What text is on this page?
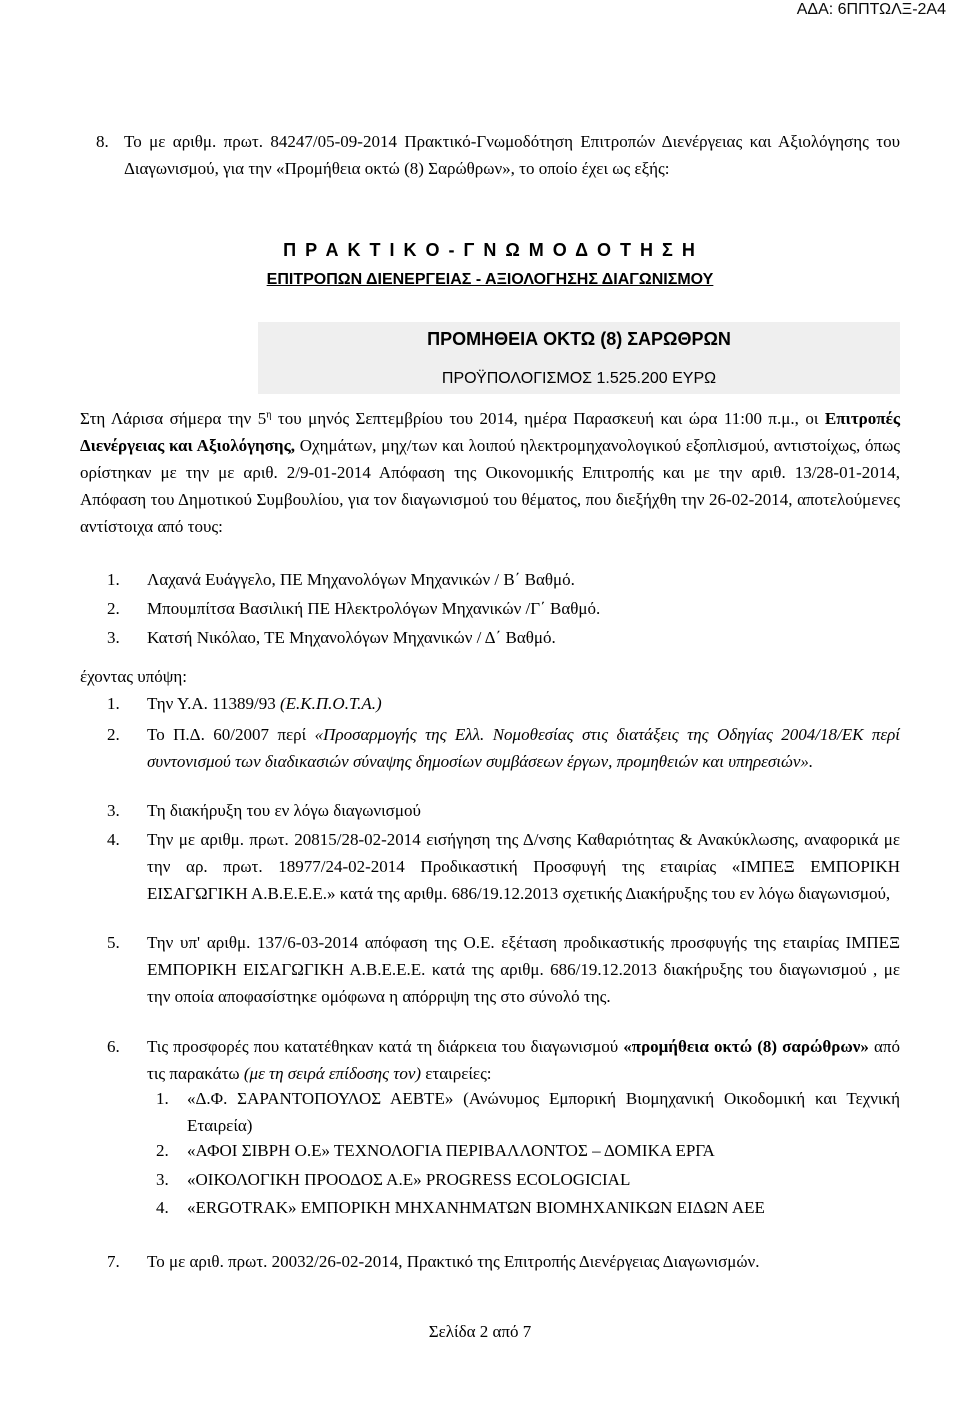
ΑΔΑ: 6ΠΠΤΩΛΞ-2Α4
8. Το με αριθμ. πρωτ. 84247/05-09-2014 Πρακτικό-Γνωμοδότηση Επιτροπών Διενέργειας και Αξιολόγησης του Διαγωνισμού, για την «Προμήθεια οκτώ (8) Σαρώθρων», το οποίο έχει ως εξής:
Π Ρ Α Κ Τ Ι Κ Ο - Γ Ν Ω Μ Ο Δ Ο Τ Η Σ Η
ΕΠΙΤΡΟΠΩΝ ΔΙΕΝΕΡΓΕΙΑΣ - ΑΞΙΟΛΟΓΗΣΗΣ ΔΙΑΓΩΝΙΣΜΟΥ
ΠΡΟΜΗΘΕΙΑ ΟΚΤΩ (8) ΣΑΡΩΘΡΩΝ
ΠΡΟΫΠΟΛΟΓΙΣΜΟΣ 1.525.200 ΕΥΡΩ
Στη Λάρισα σήμερα την $5^\eta$ του μηνός Σεπτεμβρίου του 2014, ημέρα Παρασκευή και ώρα 11:00 π.μ., οι Επιτροπές Διενέργειας και Αξιολόγησης, Οχημάτων, μηχ/των και λοιπού ηλεκτρομηχανολογικού εξοπλισμού, αντιστοίχως, όπως ορίστηκαν με την με αριθ. 2/9-01-2014 Απόφαση της Οικονομικής Επιτροπής και με την αριθ. 13/28-01-2014, Απόφαση του Δημοτικού Συμβουλίου, για τον διαγωνισμού του θέματος, που διεξήχθη την 26-02-2014, αποτελούμενες αντίστοιχα από τους:
1. Λαχανά Ευάγγελο, ΠΕ Μηχανολόγων Μηχανικών / Β΄ Βαθμό.
2. Μπουμπίτσα Βασιλική ΠΕ Ηλεκτρολόγων Μηχανικών /Γ΄ Βαθμό.
3. Κατσή Νικόλαο, ΤΕ Μηχανολόγων Μηχανικών / Δ΄ Βαθμό.
έχοντας υπόψη:
1. Την Υ.Α. 11389/93 (Ε.Κ.Π.Ο.Τ.Α.)
2. Το Π.Δ. 60/2007 περί «Προσαρμογής της Ελλ. Νομοθεσίας στις διατάξεις της Οδηγίας 2004/18/ΕΚ περί συντονισμού των διαδικασιών σύναψης δημοσίων συμβάσεων έργων, προμηθειών και υπηρεσιών».
3. Τη διακήρυξη του εν λόγω διαγωνισμού
4. Την με αριθμ. πρωτ. 20815/28-02-2014 εισήγηση της Δ/νσης Καθαριότητας & Ανακύκλωσης, αναφορικά με την αρ. πρωτ. 18977/24-02-2014 Προδικαστική Προσφυγή της εταιρίας «ΙΜΠΕΞ ΕΜΠΟΡΙΚΗ ΕΙΣΑΓΩΓΙΚΗ Α.Β.Ε.Ε.Ε.» κατά της αριθμ. 686/19.12.2013 σχετικής Διακήρυξης του εν λόγω διαγωνισμού,
5. Την υπ' αριθμ. 137/6-03-2014 απόφαση της Ο.Ε. εξέταση προδικαστικής προσφυγής της εταιρίας ΙΜΠΕΞ ΕΜΠΟΡΙΚΗ ΕΙΣΑΓΩΓΙΚΗ Α.Β.Ε.Ε.Ε. κατά της αριθμ. 686/19.12.2013 διακήρυξης του διαγωνισμού , με την οποία αποφασίστηκε ομόφωνα η απόρριψη της στο σύνολό της.
6. Τις προσφορές που κατατέθηκαν κατά τη διάρκεια του διαγωνισμού «προμήθεια οκτώ (8) σαρώθρων» από τις παρακάτω (με τη σειρά επίδοσης τον) εταιρείες:
1. «Δ.Φ. ΣΑΡΑΝΤΟΠΟΥΛΟΣ ΑΕΒΤΕ» (Ανώνυμος Εμπορική Βιομηχανική Οικοδομική και Τεχνική Εταιρεία)
2. «ΑΦΟΙ ΣΙΒΡΗ Ο.Ε» ΤΕΧΝΟΛΟΓΙΑ ΠΕΡΙΒΑΛΛΟΝΤΟΣ – ΔΟΜΙΚΑ ΕΡΓΑ
3. «ΟΙΚΟΛΟΓΙΚΗ ΠΡΟΟΔΟΣ Α.Ε» PROGRESS ECOLOGICIAL
4. «ERGOTRAK» ΕΜΠΟΡΙΚΗ ΜΗΧΑΝΗΜΑΤΩΝ ΒΙΟΜΗΧΑΝΙΚΩΝ ΕΙΔΩΝ ΑΕΕ
7. Το με αριθ. πρωτ. 20032/26-02-2014, Πρακτικό της Επιτροπής Διενέργειας Διαγωνισμών.
Σελίδα 2 από 7
